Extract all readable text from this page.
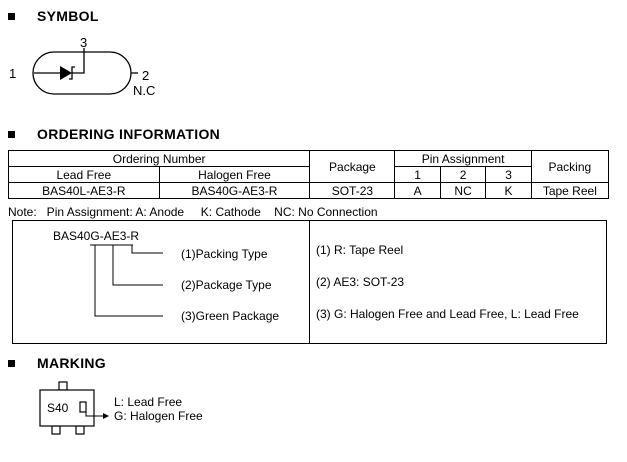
SYMBOL
1
3
2
N.C
ORDERING INFORMATION
Ordering Number		Package	Pin Assignment			Packing
Lead Free	Halogen Free		1	2	3	
BAS40L-AE3-R	BAS40G-AE3-R	SOT-23	A	NC	K	Tape Reel
Note:   Pin Assignment: A: Anode     K: Cathode    NC: No Connection
BAS40G-AE3-R
(1)Packing Type
(2)Package Type
(3)Green Package
(1) R: Tape Reel
(2) AE3: SOT-23
(3) G: Halogen Free and Lead Free, L: Lead Free
MARKING
S40	L: Lead Free
G: Halogen Free
